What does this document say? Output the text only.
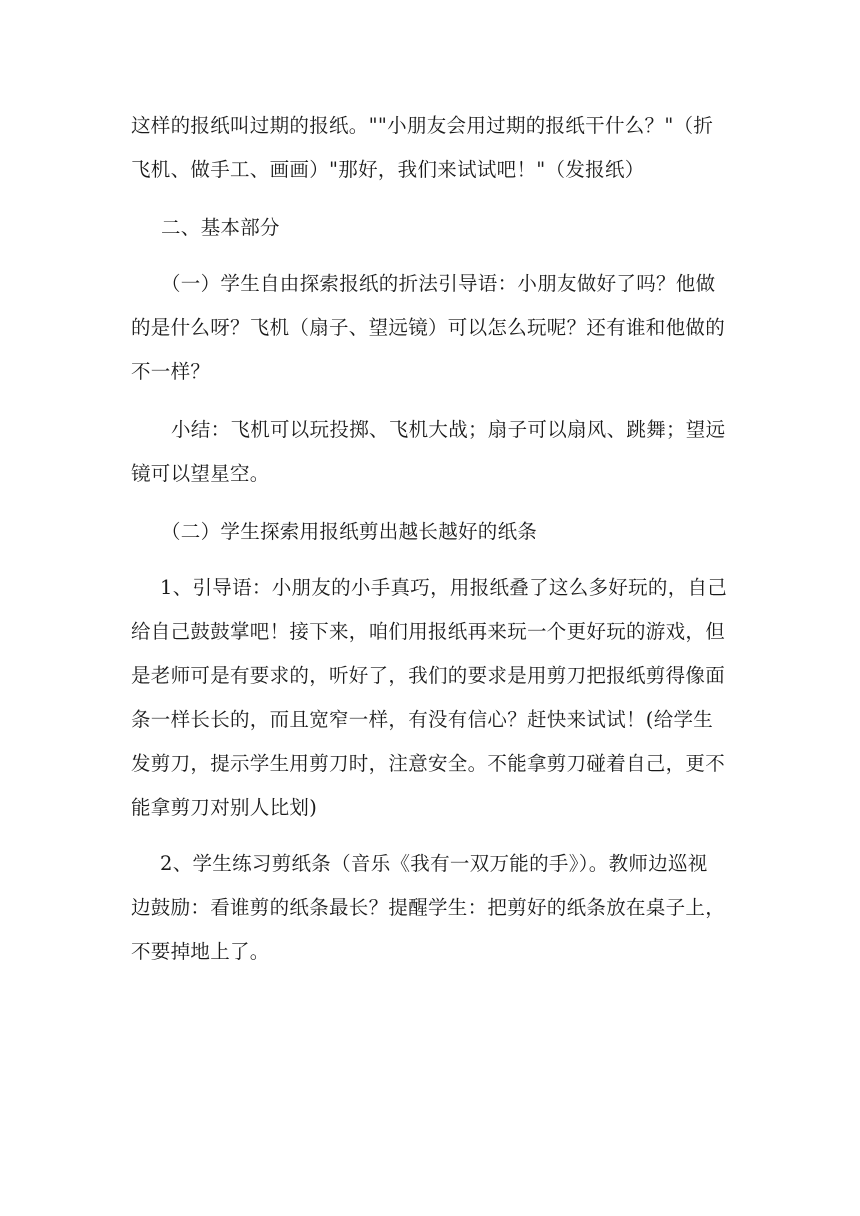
这样的报纸叫过期的报纸。""小朋友会用过期的报纸干什么？"（折
飞机、做手工、画画）"那好，我们来试试吧！"（发报纸）
二、基本部分
（一）学生自由探索报纸的折法引导语：小朋友做好了吗？他做
的是什么呀？飞机（扇子、望远镜）可以怎么玩呢？还有谁和他做的
不一样？
小结：飞机可以玩投掷、飞机大战；扇子可以扇风、跳舞；望远
镜可以望星空。
（二）学生探索用报纸剪出越长越好的纸条
1、引导语：小朋友的小手真巧，用报纸叠了这么多好玩的，自己
给自己鼓鼓掌吧！接下来，咱们用报纸再来玩一个更好玩的游戏，但
是老师可是有要求的，听好了，我们的要求是用剪刀把报纸剪得像面
条一样长长的，而且宽窄一样，有没有信心？赶快来试试！(给学生
发剪刀，提示学生用剪刀时，注意安全。不能拿剪刀碰着自己，更不
能拿剪刀对别人比划)
2、学生练习剪纸条（音乐《我有一双万能的手》）。教师边巡视
边鼓励：看谁剪的纸条最长？提醒学生：把剪好的纸条放在桌子上，
不要掉地上了。
